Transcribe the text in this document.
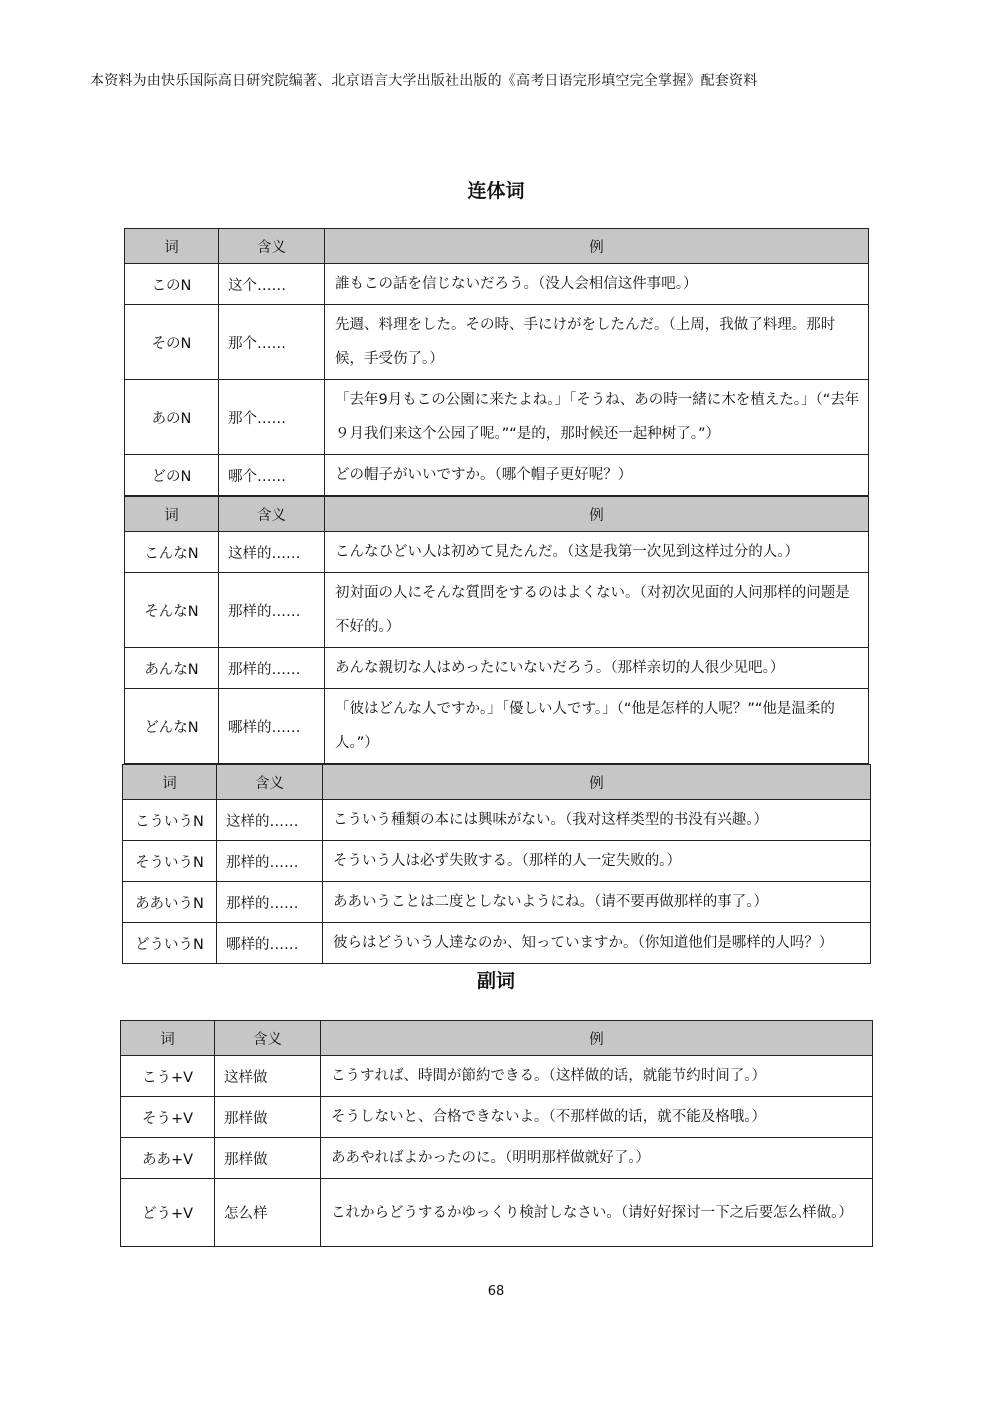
本资料为由快乐国际高日研究院编著、北京语言大学出版社出版的《高考日语完形填空完全掌握》配套资料
连体词
词	含义	例
このN	这个……	誰もこの話を信じないだろう。（没人会相信这件事吧。）
そのN	那个……	先週、料理をした。その時、手にけがをしたんだ。（上周，我做了料理。那时候，手受伤了。）
あのN	那个……	「去年9月もこの公園に来たよね。」「そうね、あの時一緒に木を植えた。」（“去年９月我们来这个公园了呢。”“是的，那时候还一起种树了。”）
どのN	哪个……	どの帽子がいいですか。（哪个帽子更好呢？）
词	含义	例
こんなN	这样的……	こんなひどい人は初めて見たんだ。（这是我第一次见到这样过分的人。）
そんなN	那样的……	初対面の人にそんな質問をするのはよくない。（对初次见面的人问那样的问题是不好的。）
あんなN	那样的……	あんな親切な人はめったにいないだろう。（那样亲切的人很少见吧。）
どんなN	哪样的……	「彼はどんな人ですか。」「優しい人です。」（“他是怎样的人呢？”“他是温柔的人。”）
词	含义	例
こういうN	这样的……	こういう種類の本には興味がない。（我对这样类型的书没有兴趣。）
そういうN	那样的……	そういう人は必ず失敗する。（那样的人一定失败的。）
ああいうN	那样的……	ああいうことは二度としないようにね。（请不要再做那样的事了。）
どういうN	哪样的……	彼らはどういう人達なのか、知っていますか。（你知道他们是哪样的人吗？）
副词
词	含义	例
こう+V	这样做	こうすれば、時間が節約できる。（这样做的话，就能节约时间了。）
そう+V	那样做	そうしないと、合格できないよ。（不那样做的话，就不能及格哦。）
ああ+V	那样做	ああやればよかったのに。（明明那样做就好了。）
どう+V	怎么样	これからどうするかゆっくり検討しなさい。（请好好探讨一下之后要怎么样做。）
68
